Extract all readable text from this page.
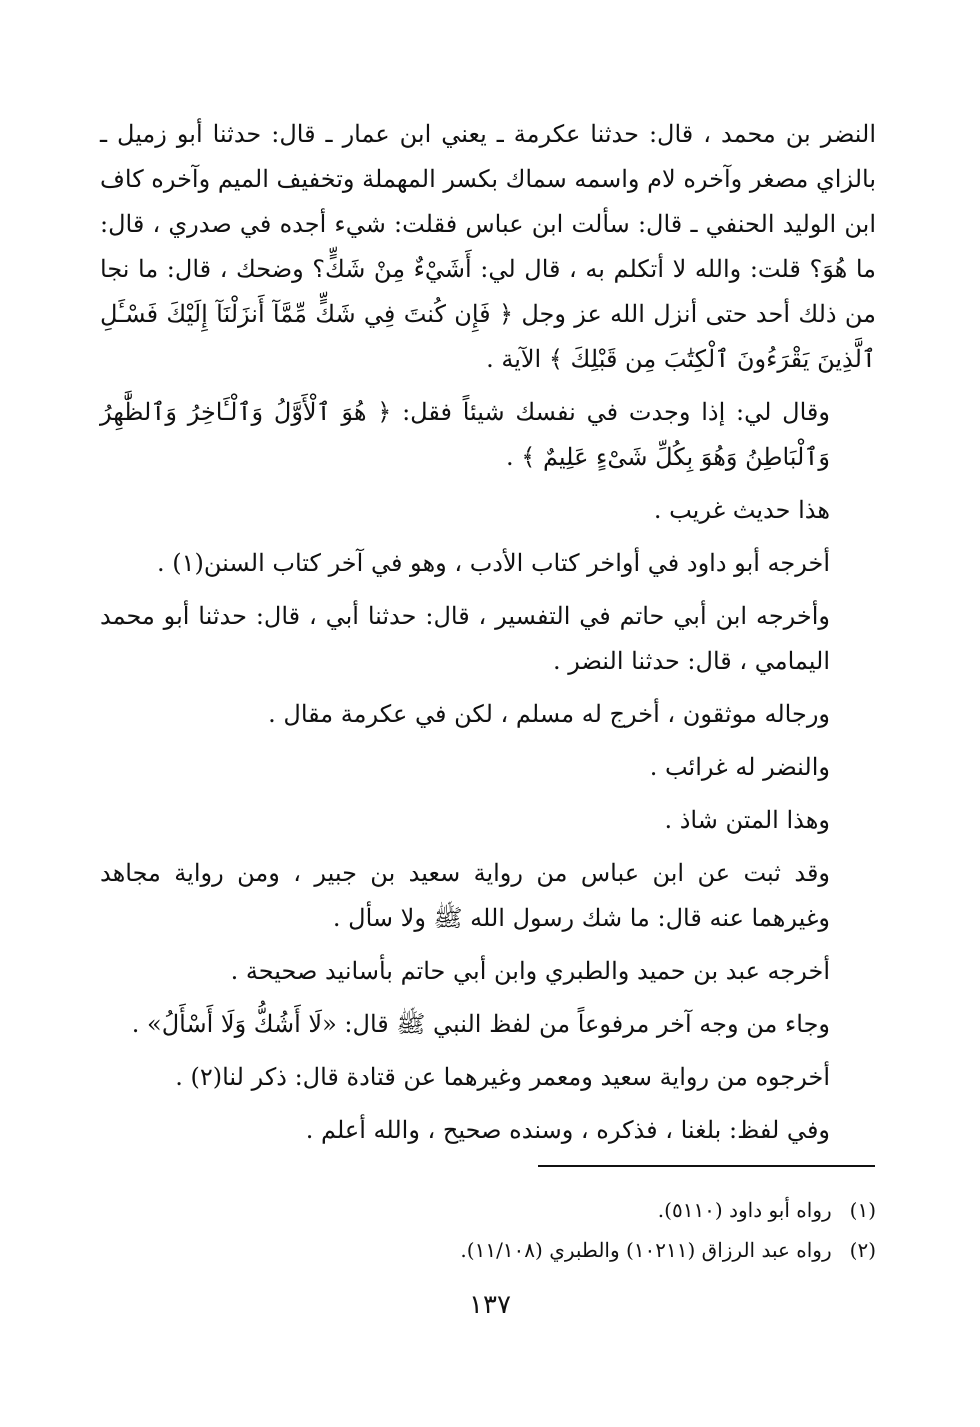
النضر بن محمد ، قال: حدثنا عكرمة ـ يعني ابن عمار ـ قال: حدثنا أبو زميل ـ بالزاي مصغر وآخره لام واسمه سماك بكسر المهملة وتخفيف الميم وآخره كاف ابن الوليد الحنفي ـ قال: سألت ابن عباس فقلت: شيء أجده في صدري ، قال: ما هُوَ؟ قلت: والله لا أتكلم به ، قال لي: أَشَيْءٌ مِنْ شَكٍّ؟ وضحك ، قال: ما نجا من ذلك أحد حتى أنزل الله عز وجل ﴿ فَإِن كُنتَ فِي شَكٍّ مِّمَّآ أَنزَلْنَآ إِلَيْكَ فَسْـَٔلِ ٱلَّذِينَ يَقْرَءُونَ ٱلْكِتَٰبَ مِن قَبْلِكَ ﴾ الآية .

وقال لي: إذا وجدت في نفسك شيئاً فقل: ﴿ هُوَ ٱلْأَوَّلُ وَٱلْـَٔاخِرُ وَٱلظَّٰهِرُ وَٱلْبَاطِنُ وَهُوَ بِكُلِّ شَىْءٍ عَلِيمٌ ﴾ .

هذا حديث غريب .

أخرجه أبو داود في أواخر كتاب الأدب ، وهو في آخر كتاب السنن(١) .

وأخرجه ابن أبي حاتم في التفسير ، قال: حدثنا أبي ، قال: حدثنا أبو محمد اليمامي ، قال: حدثنا النضر .

ورجاله موثقون ، أخرج له مسلم ، لكن في عكرمة مقال .

والنضر له غرائب .

وهذا المتن شاذ .

وقد ثبت عن ابن عباس من رواية سعيد بن جبير ، ومن رواية مجاهد وغيرهما عنه قال: ما شك رسول الله ﷺ ولا سأل .

أخرجه عبد بن حميد والطبري وابن أبي حاتم بأسانيد صحيحة .

وجاء من وجه آخر مرفوعاً من لفظ النبي ﷺ قال: «لَا أَشُكُّ وَلَا أَسْأَلُ» .

أخرجوه من رواية سعيد ومعمر وغيرهما عن قتادة قال: ذكر لنا(٢) .

وفي لفظ: بلغنا ، فذكره ، وسنده صحيح ، والله أعلم .

(١) رواه أبو داود (٥١١٠).
(٢) رواه عبد الرزاق (١٠٢١١) والطبري (١١/١٠٨).
١٣٧
